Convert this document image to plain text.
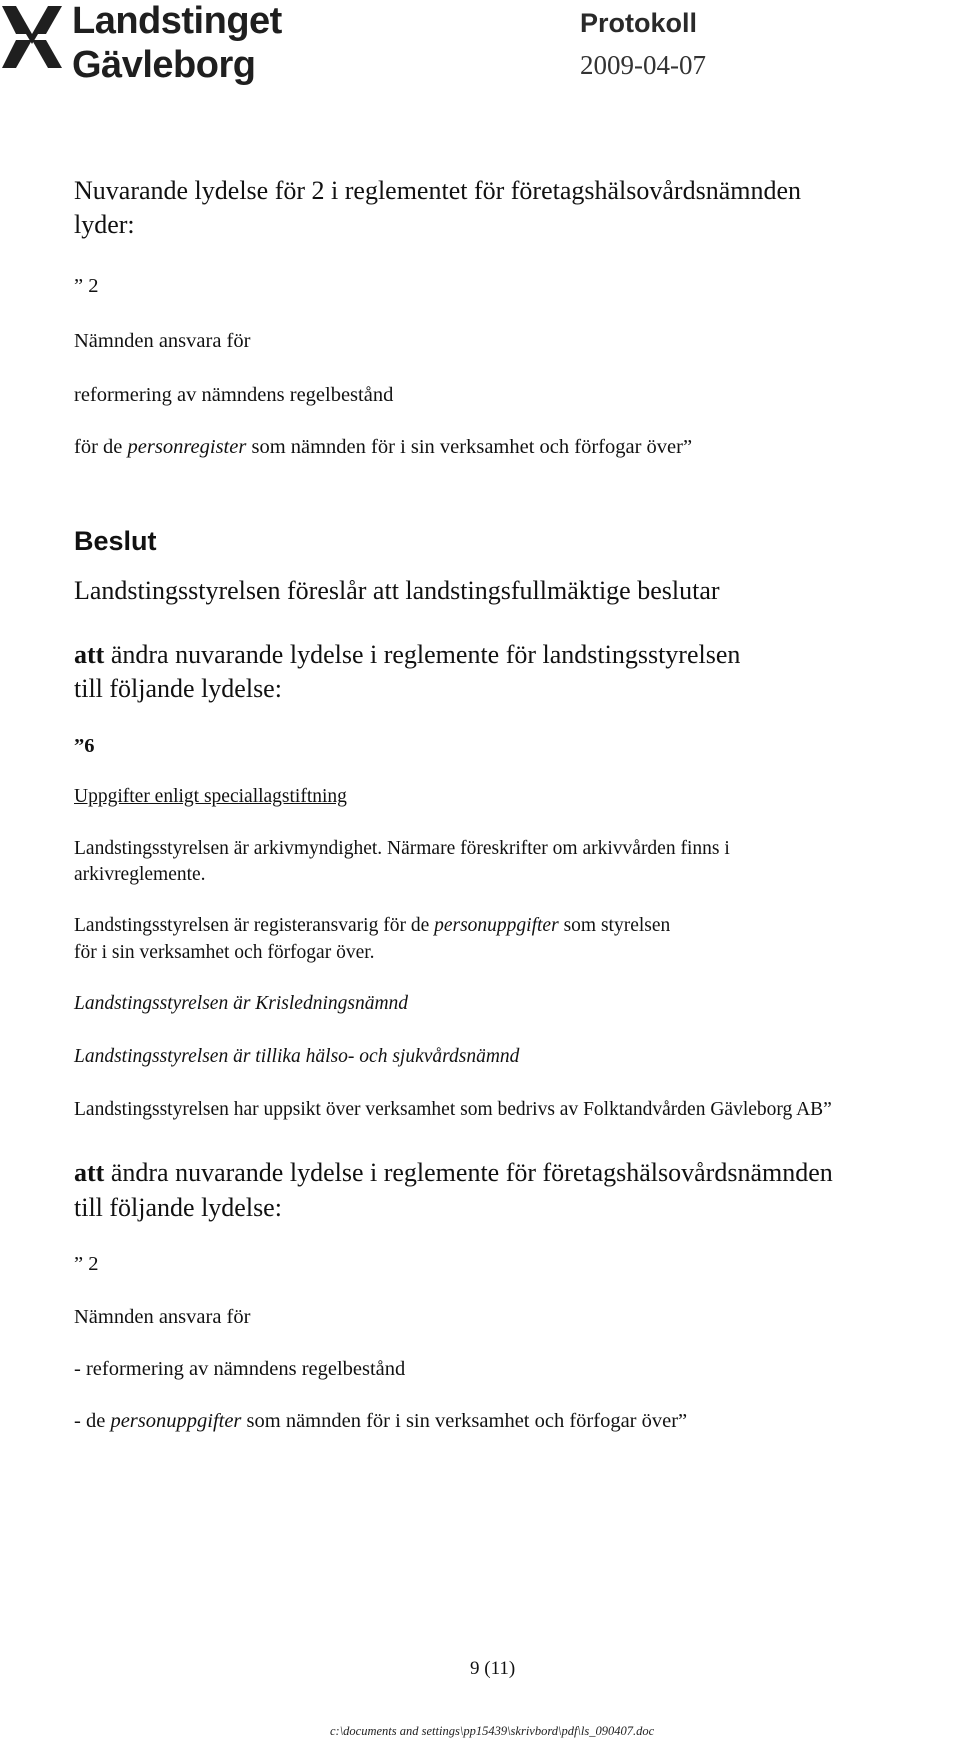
Landstinget
Gävleborg
Protokoll
2009-04-07
Nuvarande lydelse för 2 i reglementet för företagshälsovårdsnämnden
lyder:
” 2
Nämnden ansvara för
reformering av nämndens regelbestånd
för de personregister som nämnden för i sin verksamhet och förfogar över”
Beslut
Landstingsstyrelsen föreslår att landstingsfullmäktige beslutar
att ändra nuvarande lydelse i reglemente för landstingsstyrelsen
till följande lydelse:
”6
Uppgifter enligt speciallagstiftning
Landstingsstyrelsen är arkivmyndighet. Närmare föreskrifter om arkivvården finns i
arkivreglemente.
Landstingsstyrelsen är registeransvarig för de personuppgifter som styrelsen
för i sin verksamhet och förfogar över.
Landstingsstyrelsen är Krisledningsnämnd
Landstingsstyrelsen är tillika hälso- och sjukvårdsnämnd
Landstingsstyrelsen har uppsikt över verksamhet som bedrivs av Folktandvården Gävleborg AB”
att ändra nuvarande lydelse i reglemente för företagshälsovårdsnämnden
till följande lydelse:
” 2
Nämnden ansvara för
- reformering av nämndens regelbestånd
- de personuppgifter som nämnden för i sin verksamhet och förfogar över”
9 (11)
c:\documents and settings\pp15439\skrivbord\pdf\ls_090407.doc
